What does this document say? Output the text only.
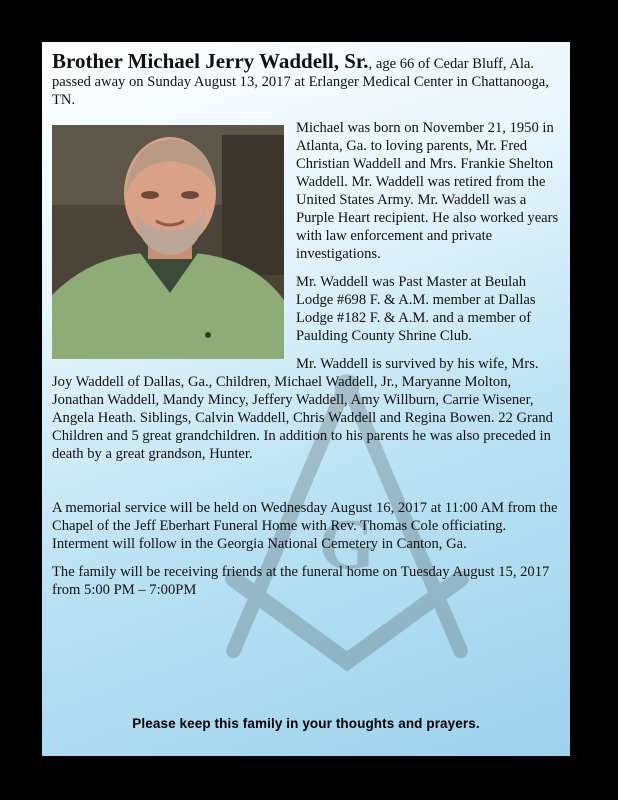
G

Brother Michael Jerry Waddell, Sr., age 66 of Cedar Bluff, Ala. passed away on Sunday August 13, 2017 at Erlanger Medical Center in Chattanooga, TN.

Michael was born on November 21, 1950 in Atlanta, Ga. to loving parents, Mr. Fred Christian Waddell and Mrs. Frankie Shelton Waddell. Mr. Waddell was retired from the United States Army. Mr. Waddell was a Purple Heart recipient. He also worked years with law enforcement and private investigations.

Mr. Waddell was Past Master at Beulah Lodge #698 F. & A.M. member at Dallas Lodge #182 F. & A.M. and a member of Paulding County Shrine Club.

Mr. Waddell is survived by his wife, Mrs. Joy Waddell of Dallas, Ga., Children, Michael Waddell, Jr., Maryanne Molton, Jonathan Waddell, Mandy Mincy, Jeffery Waddell, Amy Willburn, Carrie Wisener, Angela Heath. Siblings, Calvin Waddell, Chris Waddell and Regina Bowen. 22 Grand Children and 5 great grandchildren. In addition to his parents he was also preceded in death by a great grandson, Hunter.

A memorial service will be held on Wednesday August 16, 2017 at 11:00 AM from the Chapel of the Jeff Eberhart Funeral Home with Rev. Thomas Cole officiating. Interment will follow in the Georgia National Cemetery in Canton, Ga.

The family will be receiving friends at the funeral home on Tuesday August 15, 2017 from 5:00 PM – 7:00PM

Please keep this family in your thoughts and prayers.
